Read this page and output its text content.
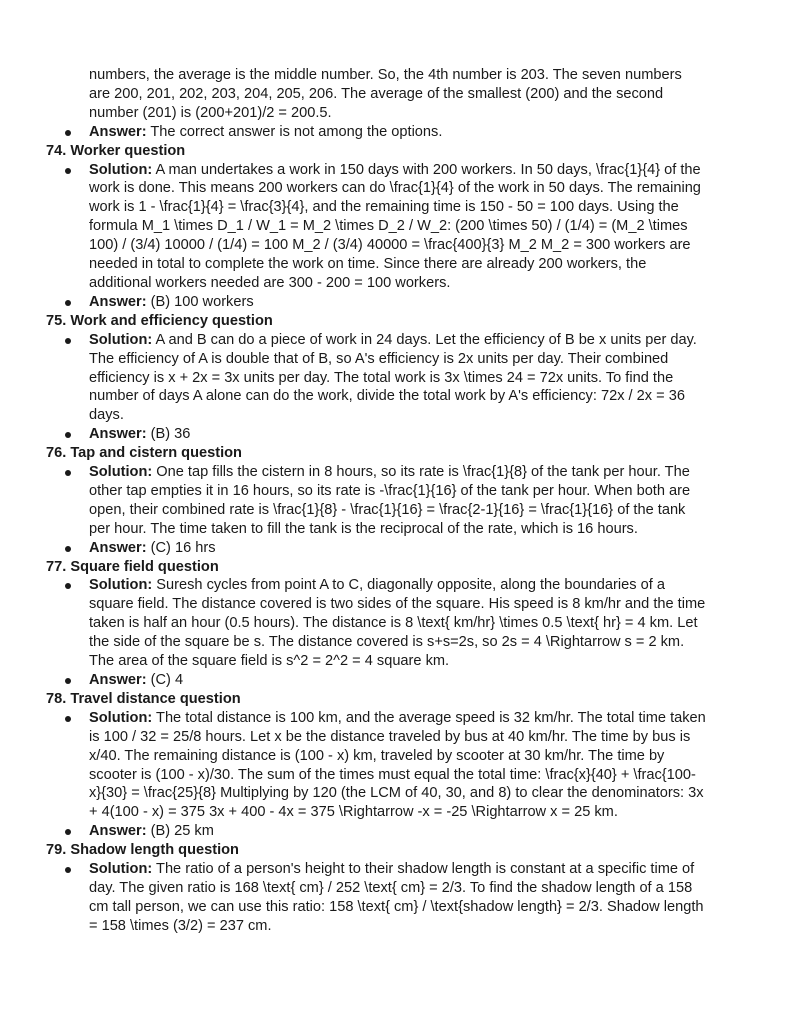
numbers, the average is the middle number. So, the 4th number is 203. The seven numbers are 200, 201, 202, 203, 204, 205, 206. The average of the smallest (200) and the second number (201) is (200+201)/2 = 200.5.

Answer: The correct answer is not among the options.

74. Worker question

Solution: A man undertakes a work in 150 days with 200 workers. In 50 days, \frac{1}{4} of the work is done. This means 200 workers can do \frac{1}{4} of the work in 50 days. The remaining work is 1 - \frac{1}{4} = \frac{3}{4}, and the remaining time is 150 - 50 = 100 days. Using the formula M_1 \times D_1 / W_1 = M_2 \times D_2 / W_2: (200 \times 50) / (1/4) = (M_2 \times 100) / (3/4) 10000 / (1/4) = 100 M_2 / (3/4) 40000 = \frac{400}{3} M_2 M_2 = 300 workers are needed in total to complete the work on time. Since there are already 200 workers, the additional workers needed are 300 - 200 = 100 workers.
Answer: (B) 100 workers

75. Work and efficiency question

Solution: A and B can do a piece of work in 24 days. Let the efficiency of B be x units per day. The efficiency of A is double that of B, so A's efficiency is 2x units per day. Their combined efficiency is x + 2x = 3x units per day. The total work is 3x \times 24 = 72x units. To find the number of days A alone can do the work, divide the total work by A's efficiency: 72x / 2x = 36 days.
Answer: (B) 36

76. Tap and cistern question

Solution: One tap fills the cistern in 8 hours, so its rate is \frac{1}{8} of the tank per hour. The other tap empties it in 16 hours, so its rate is -\frac{1}{16} of the tank per hour. When both are open, their combined rate is \frac{1}{8} - \frac{1}{16} = \frac{2-1}{16} = \frac{1}{16} of the tank per hour. The time taken to fill the tank is the reciprocal of the rate, which is 16 hours.
Answer: (C) 16 hrs

77. Square field question

Solution: Suresh cycles from point A to C, diagonally opposite, along the boundaries of a square field. The distance covered is two sides of the square. His speed is 8 km/hr and the time taken is half an hour (0.5 hours). The distance is 8 \text{ km/hr} \times 0.5 \text{ hr} = 4 km. Let the side of the square be s. The distance covered is s+s=2s, so 2s = 4 \Rightarrow s = 2 km. The area of the square field is s^2 = 2^2 = 4 square km.
Answer: (C) 4

78. Travel distance question

Solution: The total distance is 100 km, and the average speed is 32 km/hr. The total time taken is 100 / 32 = 25/8 hours. Let x be the distance traveled by bus at 40 km/hr. The time by bus is x/40. The remaining distance is (100 - x) km, traveled by scooter at 30 km/hr. The time by scooter is (100 - x)/30. The sum of the times must equal the total time: \frac{x}{40} + \frac{100-x}{30} = \frac{25}{8} Multiplying by 120 (the LCM of 40, 30, and 8) to clear the denominators: 3x + 4(100 - x) = 375 3x + 400 - 4x = 375 \Rightarrow -x = -25 \Rightarrow x = 25 km.
Answer: (B) 25 km

79. Shadow length question

Solution: The ratio of a person's height to their shadow length is constant at a specific time of day. The given ratio is 168 \text{ cm} / 252 \text{ cm} = 2/3. To find the shadow length of a 158 cm tall person, we can use this ratio: 158 \text{ cm} / \text{shadow length} = 2/3. Shadow length = 158 \times (3/2) = 237 cm.
